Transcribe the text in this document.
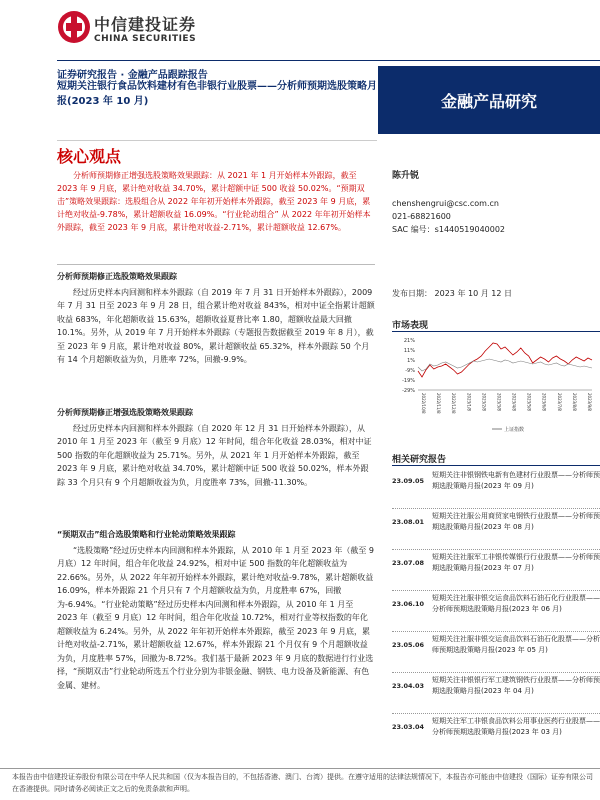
中信建投证券
CHINA SECURITIES
证券研究报告 · 金融产品跟踪报告
短期关注银行食品饮料建材有色非银行业股票——分析师预期选股策略月报(2023 年 10 月)	金融产品研究
核心观点

分析师预期修正增强选股策略效果跟踪：从 2021 年 1 月开始样本外跟踪，截至 2023 年 9 月底，累计绝对收益 34.70%，累计超额中证 500 收益 50.02%。“预期双击”策略效果跟踪：选股组合从 2022 年年初开始样本外跟踪，截至 2023 年 9 月底，累计绝对收益-9.78%，累计超额收益 16.09%。“行业轮动组合” 从 2022 年年初开始样本外跟踪，截至 2023 年 9 月底，累计绝对收益-2.71%，累计超额收益 12.67%。

陈升锐
chenshengrui@csc.com.cn
021-68821600
SAC 编号：s1440519040002
发布日期： 2023 年 10 月 12 日
市场表现
21%
11%
1%
-9%
-19%
-29%
2022/10/8	2022/11/8	2022/12/8	2023/1/8	2023/2/8	2023/3/8	2023/4/8	2023/5/8	2023/6/8	2023/7/8	2023/8/8	2023/9/8
上证指数
相关研究报告
23.09.05
短期关注非银钢铁电新有色建材行业股票——分析师预期选股策略月报(2023 年 09 月)
23.08.01
短期关注社服公用商贸家电钢铁行业股票——分析师预期选股策略月报(2023 年 08 月)
23.07.08
短期关注社服军工非银传媒银行行业股票——分析师预期选股策略月报(2023 年 07 月)
23.06.10
短期关注社服非银交运食品饮料石油石化行业股票——分析师预期选股策略月报(2023 年 06 月)
23.05.06
短期关注社服非银交运食品饮料石油石化股票——分析师预期选股策略月报(2023 年 05 月)
23.04.03
短期关注非银银行军工建筑钢铁行业股票——分析师预期选股策略月报(2023 年 04 月)
23.03.04
短期关注军工非银食品饮料公用事业医药行业股票——分析师预期选股策略月报(2023 年 03 月)
分析师预期修正选股策略效果跟踪

经过历史样本内回测和样本外跟踪（自 2019 年 7 月 31 日开始样本外跟踪），2009 年 7 月 31 日至 2023 年 9 月 28 日，组合累计绝对收益 843%，相对中证全指累计超额收益 683%，年化超额收益 15.63%，超额收益夏普比率 1.80，超额收益最大回撤 10.1%。另外，从 2019 年 7 月开始样本外跟踪（专题报告数据截至 2019 年 8 月），截至 2023 年 9 月底，累计绝对收益 80%，累计超额收益 65.32%，样本外跟踪 50 个月有 14 个月超额收益为负，月胜率 72%，回撤-9.9%。

分析师预期修正增强选股策略效果跟踪

经过历史样本内回测和样本外跟踪（自 2020 年 12 月 31 日开始样本外跟踪），从 2010 年 1 月至 2023 年（截至 9 月底）12 年时间，组合年化收益 28.03%，相对中证 500 指数的年化超额收益为 25.71%。另外，从 2021 年 1 月开始样本外跟踪，截至 2023 年 9 月底，累计绝对收益 34.70%，累计超额中证 500 收益 50.02%，样本外跟踪 33 个月只有 9 个月超额收益为负，月度胜率 73%，回撤-11.30%。

“预期双击”组合选股策略和行业轮动策略效果跟踪

“选股策略”经过历史样本内回测和样本外跟踪，从 2010 年 1 月至 2023 年（截至 9 月底）12 年时间，组合年化收益 24.92%，相对中证 500 指数的年化超额收益为 22.66%。另外，从 2022 年年初开始样本外跟踪，累计绝对收益-9.78%，累计超额收益 16.09%，样本外跟踪 21 个月只有 7 个月超额收益为负，月度胜率 67%，回撤为-6.94%。“行业轮动策略”经过历史样本内回测和样本外跟踪，从 2010 年 1 月至 2023 年（截至 9 月底）12 年时间，组合年化收益 10.72%，相对行业等权指数的年化超额收益为 6.24%。另外，从 2022 年年初开始样本外跟踪，截至 2023 年 9 月底，累计绝对收益-2.71%，累计超额收益 12.67%，样本外跟踪 21 个月仅有 9 个月超额收益为负，月度胜率 57%，回撤为-8.72%。我们基于最新 2023 年 9 月底的数据进行行业选择，“预期双击”行业轮动所选五个行业分别为非银金融、钢铁、电力设备及新能源、有色金属、建材。

本报告由中信建投证券股份有限公司在中华人民共和国（仅为本报告目的，不包括香港、澳门、台湾）提供。在遵守适用的法律法规情况下，本报告亦可能由中信建投（国际）证券有限公司在香港提供。同时请务必阅读正文之后的免责条款和声明。
